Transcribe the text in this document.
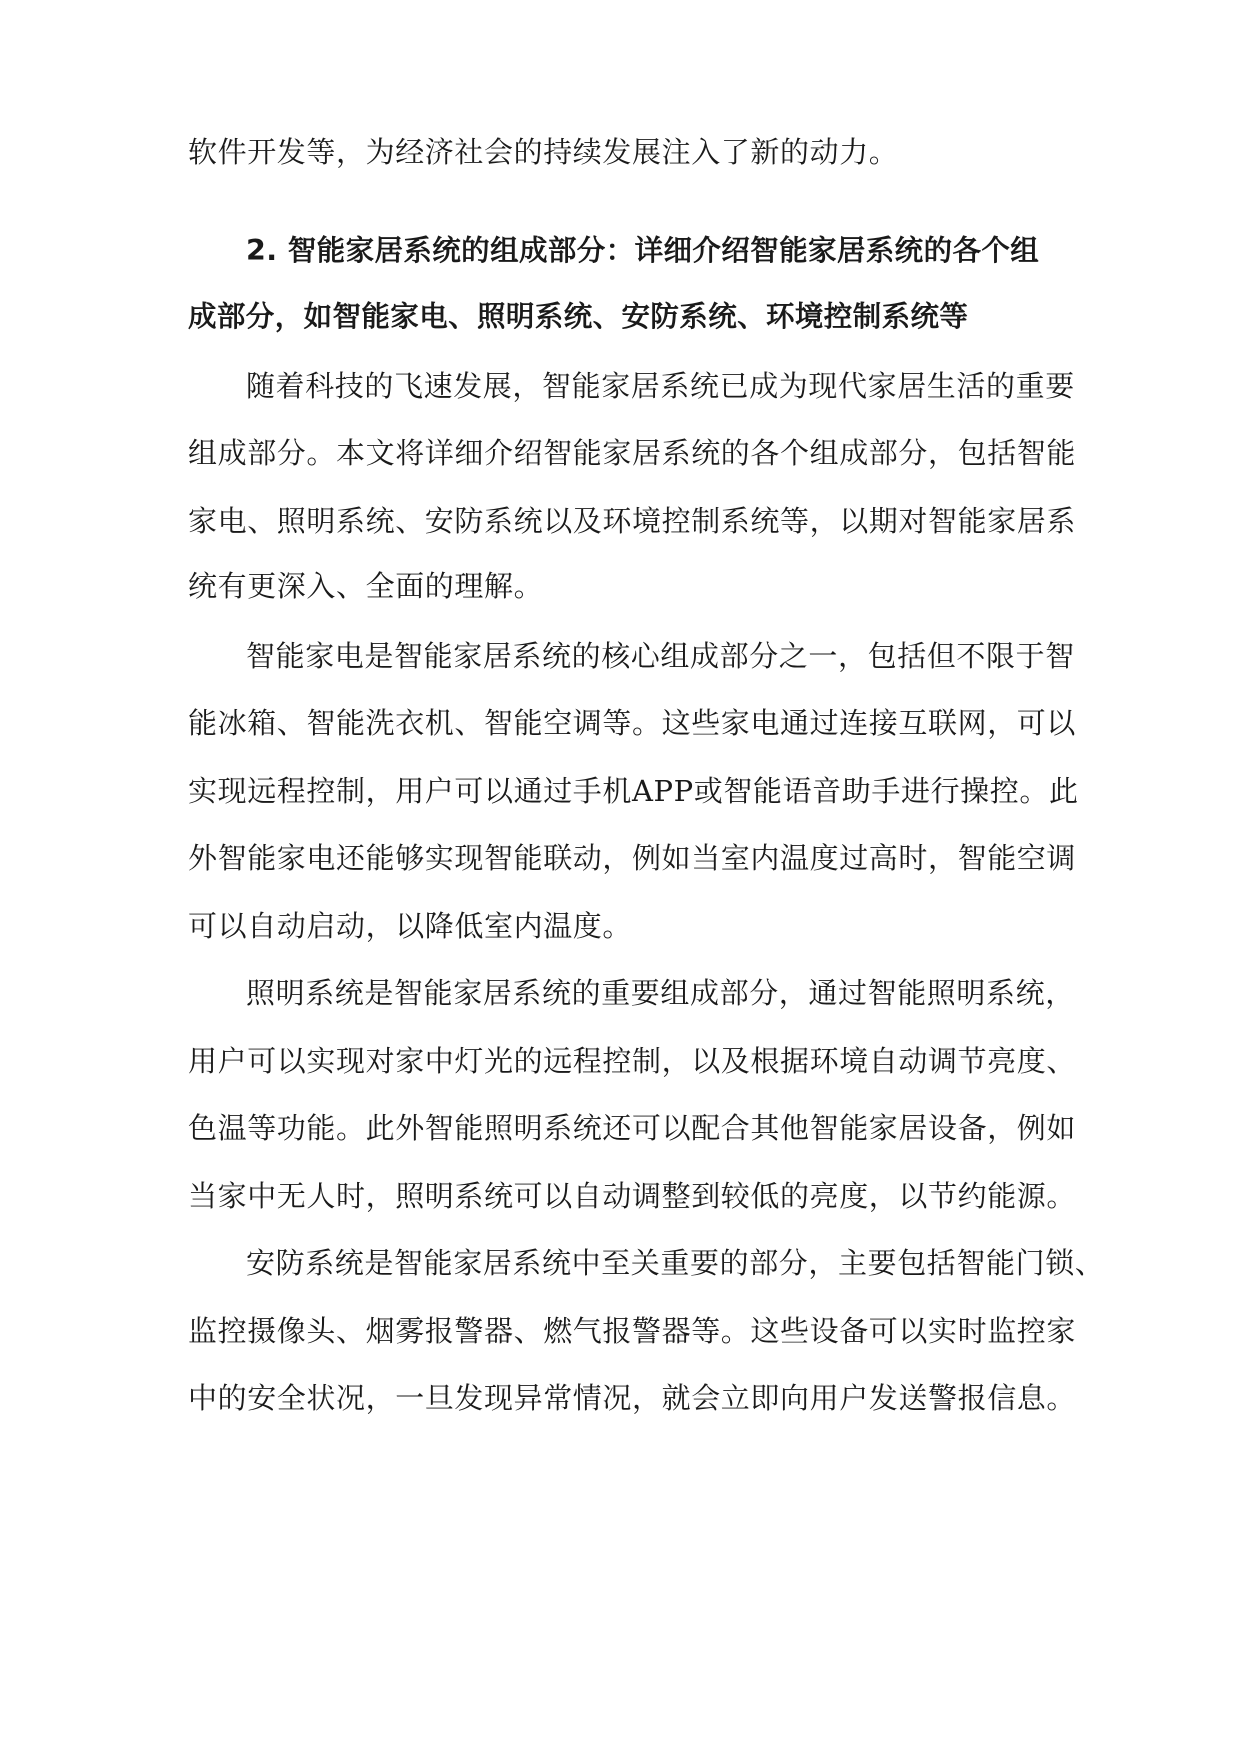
软件开发等，为经济社会的持续发展注入了新的动力。
2. 智能家居系统的组成部分：详细介绍智能家居系统的各个组
成部分，如智能家电、照明系统、安防系统、环境控制系统等
随着科技的飞速发展，智能家居系统已成为现代家居生活的重要
组成部分。本文将详细介绍智能家居系统的各个组成部分，包括智能
家电、照明系统、安防系统以及环境控制系统等，以期对智能家居系
统有更深入、全面的理解。
智能家电是智能家居系统的核心组成部分之一，包括但不限于智
能冰箱、智能洗衣机、智能空调等。这些家电通过连接互联网，可以
实现远程控制，用户可以通过手机APP或智能语音助手进行操控。此
外智能家电还能够实现智能联动，例如当室内温度过高时，智能空调
可以自动启动，以降低室内温度。
照明系统是智能家居系统的重要组成部分，通过智能照明系统，
用户可以实现对家中灯光的远程控制，以及根据环境自动调节亮度、
色温等功能。此外智能照明系统还可以配合其他智能家居设备，例如
当家中无人时，照明系统可以自动调整到较低的亮度，以节约能源。
安防系统是智能家居系统中至关重要的部分，主要包括智能门锁、
监控摄像头、烟雾报警器、燃气报警器等。这些设备可以实时监控家
中的安全状况，一旦发现异常情况，就会立即向用户发送警报信息。
